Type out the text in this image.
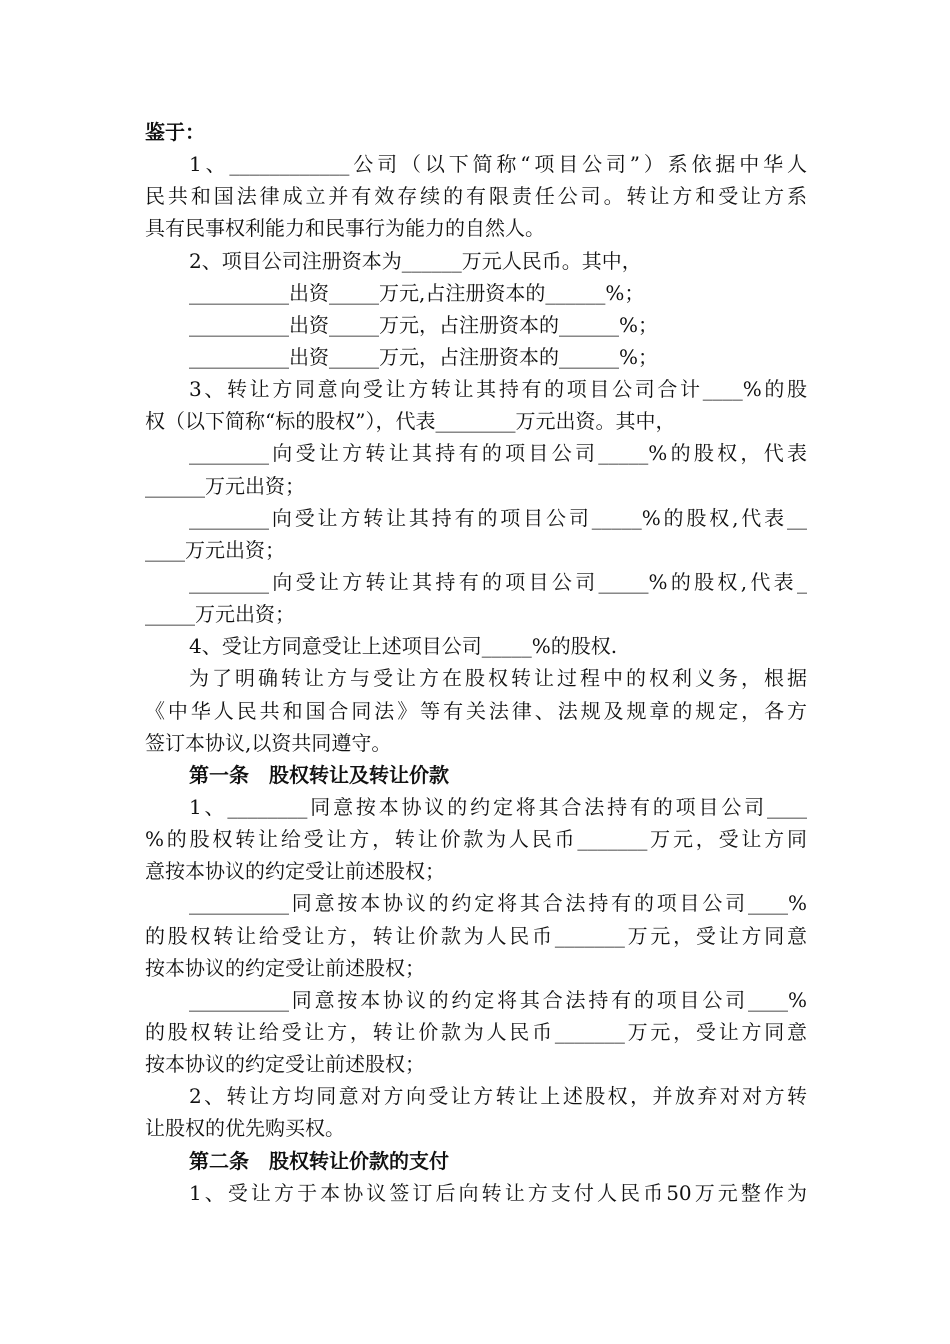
鉴于：
1、____________公司（以下简称“项目公司”）系依据中华人
民共和国法律成立并有效存续的有限责任公司。转让方和受让方系
具有民事权利能力和民事行为能力的自然人。
2、项目公司注册资本为______万元人民币。其中，
__________出资_____万元,占注册资本的______%；
__________出资_____万元，占注册资本的______%；
__________出资_____万元，占注册资本的______%；
3、转让方同意向受让方转让其持有的项目公司合计____%的股
权（以下简称“标的股权”），代表________万元出资。其中，
________向受让方转让其持有的项目公司_____%的股权，代表
______万元出资；
________向受让方转让其持有的项目公司_____%的股权,代表__
____万元出资；
________向受让方转让其持有的项目公司_____%的股权,代表_
_____万元出资；
4、受让方同意受让上述项目公司_____%的股权.
为了明确转让方与受让方在股权转让过程中的权利义务，根据
《中华人民共和国合同法》等有关法律、法规及规章的规定，各方
签订本协议,以资共同遵守。
第一条　股权转让及转让价款
1、________同意按本协议的约定将其合法持有的项目公司____
%的股权转让给受让方，转让价款为人民币_______万元，受让方同
意按本协议的约定受让前述股权；
__________同意按本协议的约定将其合法持有的项目公司____%
的股权转让给受让方，转让价款为人民币_______万元，受让方同意
按本协议的约定受让前述股权；
__________同意按本协议的约定将其合法持有的项目公司____%
的股权转让给受让方，转让价款为人民币_______万元，受让方同意
按本协议的约定受让前述股权；
2、转让方均同意对方向受让方转让上述股权，并放弃对对方转
让股权的优先购买权。
第二条　股权转让价款的支付
1、受让方于本协议签订后向转让方支付人民币50万元整作为
